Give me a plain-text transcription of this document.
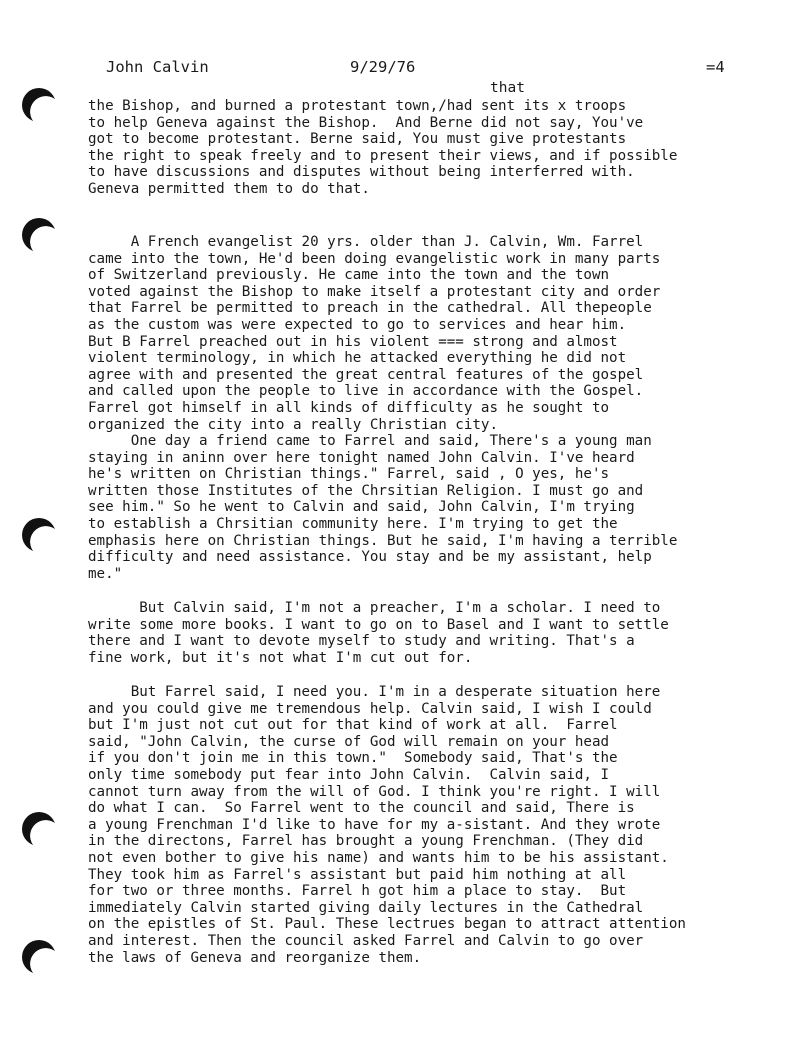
John Calvin	9/29/76	=4
that

the Bishop, and burned a protestant town,/had sent its x troops
to help Geneva against the Bishop.  And Berne did not say, You've
got to become protestant. Berne said, You must give protestants
the right to speak freely and to present their views, and if possible
to have discussions and disputes without being interferred with.
Geneva permitted them to do that.

A French evangelist 20 yrs. older than J. Calvin, Wm. Farrel
came into the town, He'd been doing evangelistic work in many parts
of Switzerland previously. He came into the town and the town
voted against the Bishop to make itself a protestant city and order
that Farrel be permitted to preach in the cathedral. All thepeople
as the custom was were expected to go to services and hear him.
But B Farrel preached out in his violent === strong and almost
violent terminology, in which he attacked everything he did not
agree with and presented the great central features of the gospel
and called upon the people to live in accordance with the Gospel.
Farrel got himself in all kinds of difficulty as he sought to
organized the city into a really Christian city.

One day a friend came to Farrel and said, There's a young man
staying in aninn over here tonight named John Calvin. I've heard
he's written on Christian things." Farrel, said , O yes, he's
written those Institutes of the Chrsitian Religion. I must go and
see him." So he went to Calvin and said, John Calvin, I'm trying
to establish a Chrsitian community here. I'm trying to get the
emphasis here on Christian things. But he said, I'm having a terrible
difficulty and need assistance. You stay and be my assistant, help
me."

But Calvin said, I'm not a preacher, I'm a scholar. I need to
write some more books. I want to go on to Basel and I want to settle
there and I want to devote myself to study and writing. That's a
fine work, but it's not what I'm cut out for.

But Farrel said, I need you. I'm in a desperate situation here
and you could give me tremendous help. Calvin said, I wish I could
but I'm just not cut out for that kind of work at all.  Farrel
said, "John Calvin, the curse of God will remain on your head
if you don't join me in this town."  Somebody said, That's the
only time somebody put fear into John Calvin.  Calvin said, I
cannot turn away from the will of God. I think you're right. I will
do what I can.  So Farrel went to the council and said, There is
a young Frenchman I'd like to have for my a-sistant. And they wrote
in the directons, Farrel has brought a young Frenchman. (They did
not even bother to give his name) and wants him to be his assistant.
They took him as Farrel's assistant but paid him nothing at all
for two or three months. Farrel h got him a place to stay.  But
immediately Calvin started giving daily lectures in the Cathedral
on the epistles of St. Paul. These lectrues began to attract attention
and interest. Then the council asked Farrel and Calvin to go over
the laws of Geneva and reorganize them.
